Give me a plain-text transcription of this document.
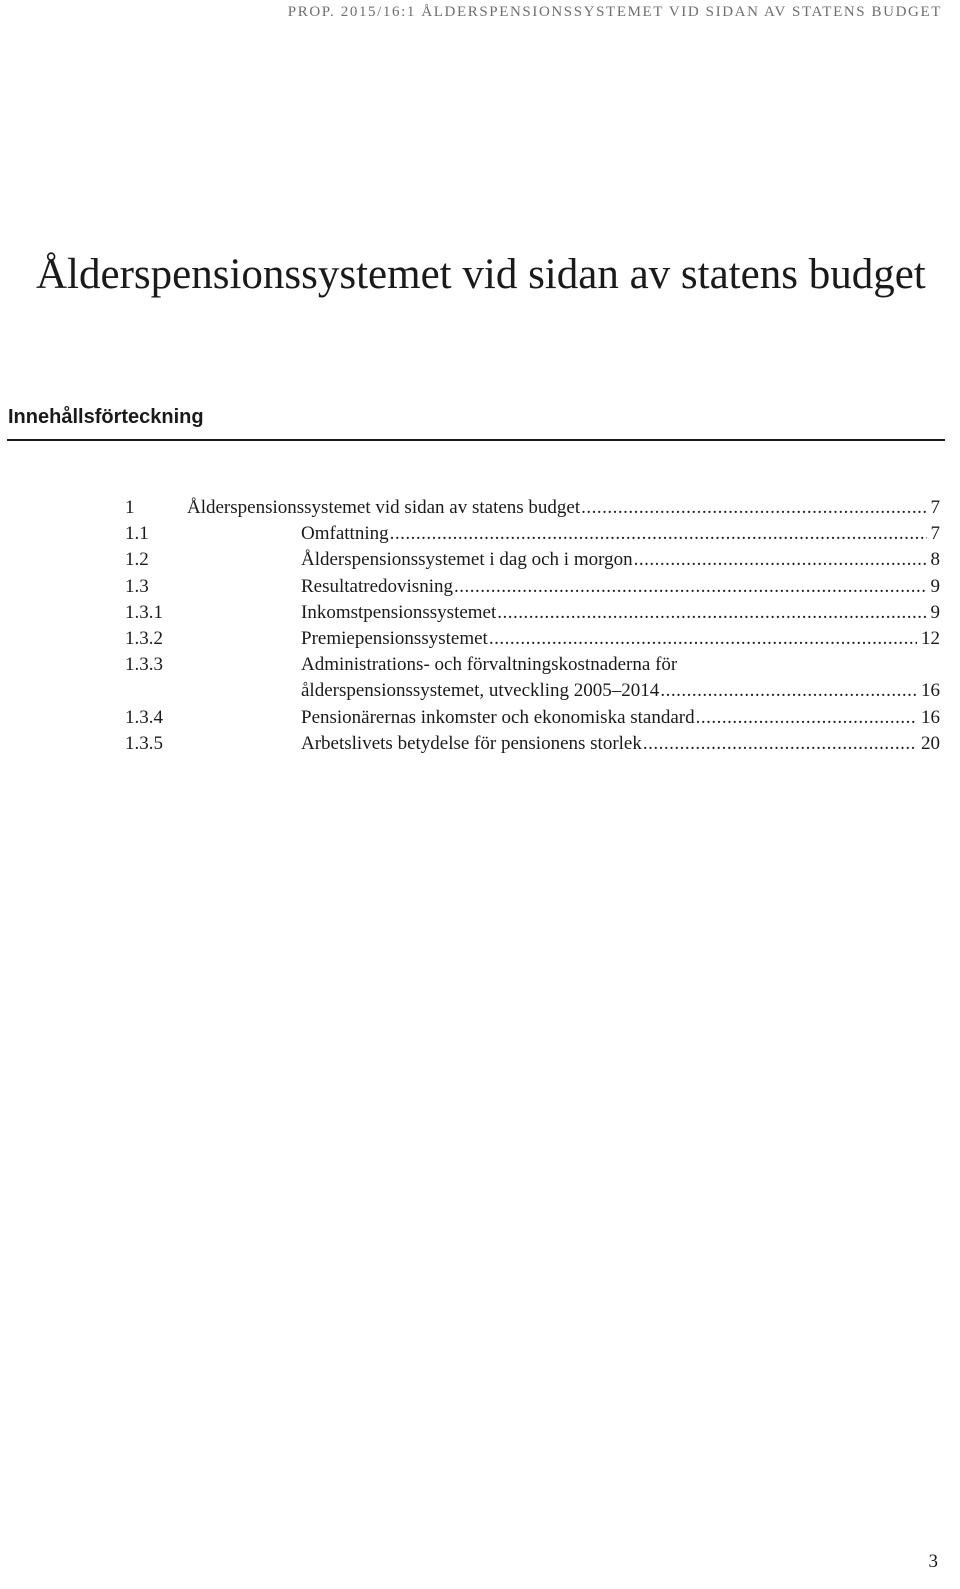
PROP. 2015/16:1 ÅLDERSPENSIONSSYSTEMET VID SIDAN AV STATENS BUDGET
Ålderspensionssystemet vid sidan av statens budget
Innehållsförteckning
1	Ålderspensionssystemet vid sidan av statens budget .....	7
1.1	Omfattning .....	7
1.2	Ålderspensionssystemet i dag och i morgon .....	8
1.3	Resultatredovisning .....	9
1.3.1	Inkomstpensionssystemet .....	9
1.3.2	Premiepensionssystemet .....	12
1.3.3	Administrations- och förvaltningskostnaderna för
ålderspensionssystemet, utveckling 2005–2014 .....	16
1.3.4	Pensionärernas inkomster och ekonomiska standard .....	16
1.3.5	Arbetslivets betydelse för pensionens storlek .....	20
3
